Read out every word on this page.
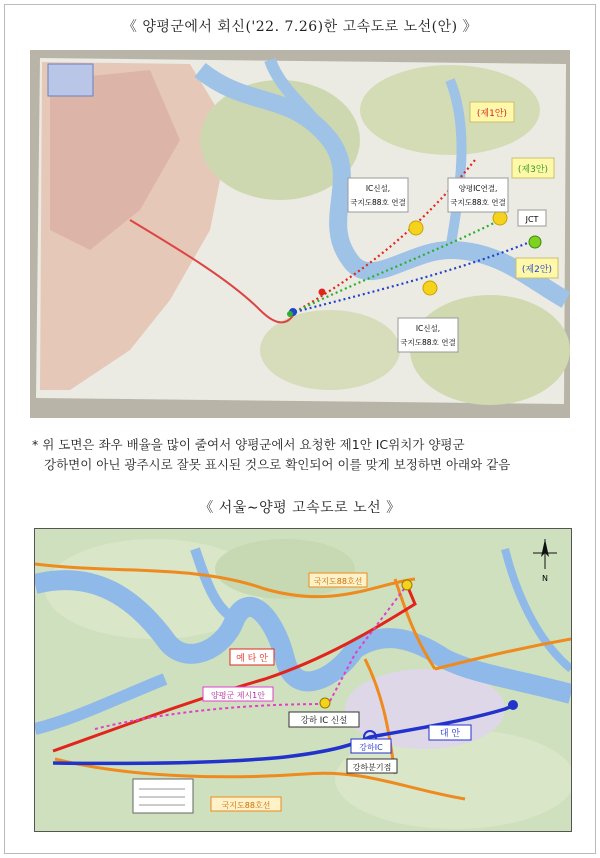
《 양평군에서 회신('22. 7.26)한 고속도로 노선(안) 》
IC신설,
국지도88호 연결
양평IC연결,
국지도88호 연결
IC신설,
국지도88호 연결
(제1안)
(제3안)
(제2안)
JCT
* 위 도면은 좌우 배율을 많이 줄여서 양평군에서 요청한 제1안 IC위치가 양평군
강하면이 아닌 광주시로 잘못 표시된 것으로 확인되어 이를 맞게 보정하면 아래와 같음
《 서울∼양평 고속도로 노선 》
예 타 안
양평군 제시1안
강하 IC 신설
강하IC
강하분기점
대 안
국지도88호선
국지도88호선	N
